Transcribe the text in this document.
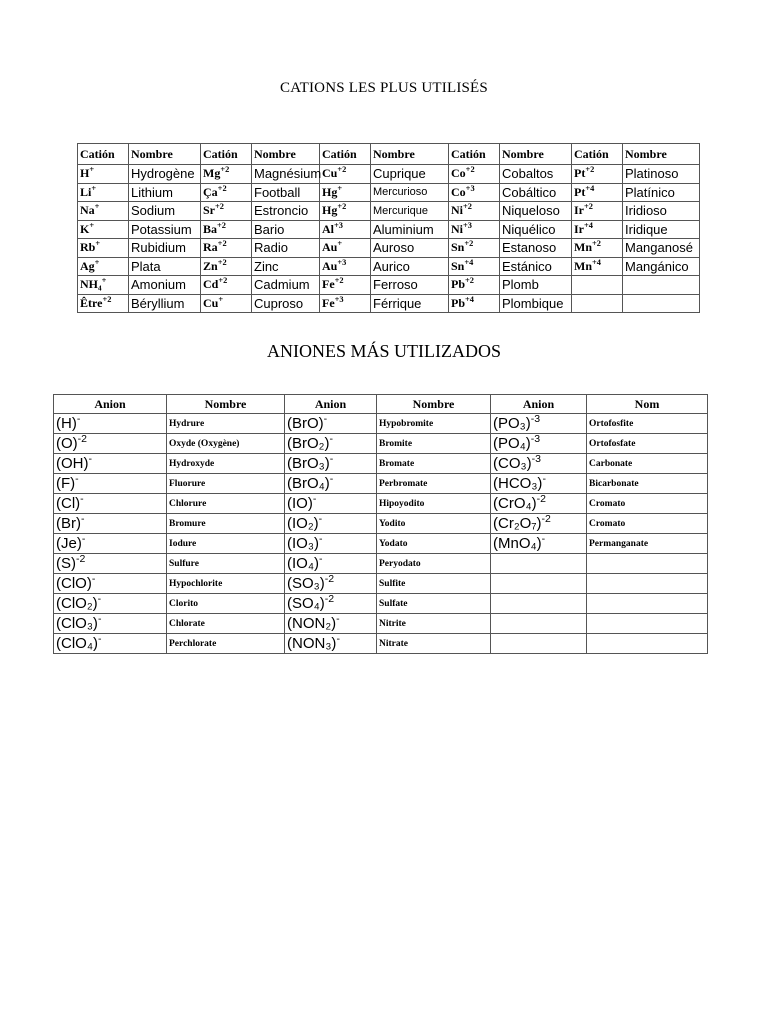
CATIONS LES PLUS UTILISÉS
Catión	Nombre	Catión	Nombre	Catión	Nombre	Catión	Nombre	Catión	Nombre
H+	Hydrogène	$Mg^{+2}$	Magnésium	$Cu^{+2}$	Cuprique	$Co^{+2}$	Cobaltos	$Pt^{+2}$	Platinoso
Li+	Lithium	$Ça^{+2}$	Football	Hg+	Mercurioso	$Co^{+3}$	Cobáltico	$Pt^{+4}$	Platínico
Na+	Sodium	$Sr^{+2}$	Estroncio	$Hg^{+2}$	Mercurique	$Ni^{+2}$	Niqueloso	$Ir^{+2}$	Iridioso
K+	Potassium	$Ba^{+2}$	Bario	$Al^{+3}$	Aluminium	$Ni^{+3}$	Niquélico	$Ir^{+4}$	Iridique
Rb+	Rubidium	$Ra^{+2}$	Radio	Au+	Auroso	$Sn^{+2}$	Estanoso	$Mn^{+2}$	Manganosé
Ag+	Plata	$Zn^{+2}$	Zinc	$Au^{+3}$	Aurico	$Sn^{+4}$	Estánico	$Mn^{+4}$	Mangánico
NH₄+	Amonium	$Cd^{+2}$	Cadmium	$Fe^{+2}$	Ferroso	$Pb^{+2}$	Plomb		
Être$^{+2}$	Béryllium	Cu+	Cuproso	$Fe^{+3}$	Férrique	$Pb^{+4}$	Plombique		
ANIONES MÁS UTILIZADOS
Anion	Nombre	Anion	Nombre	Anion	Nom
(H)-	Hydrure	(BrO)-	Hypobromite	$(PO_3)^{-3}$	Ortofosfite
$(O)^{-2}$	Oxyde (Oxygène)	(BrO₂)-	Bromite	$(PO_4)^{-3}$	Ortofosfate
(OH)-	Hydroxyde	(BrO₃)-	Bromate	$(CO_3)^{-3}$	Carbonate
(F)-	Fluorure	(BrO₄)-	Perbromate	(HCO₃)-	Bicarbonate
(Cl)-	Chlorure	(IO)-	Hipoyodito	$(CrO_4)^{-2}$	Cromato
(Br)-	Bromure	(IO₂)-	Yodito	$(Cr_2O_7)^{-2}$	Cromato
(Je)-	Iodure	(IO₃)-	Yodato	(MnO₄)-	Permanganate
$(S)^{-2}$	Sulfure	(IO₄)-	Peryodato		
(ClO)-	Hypochlorite	$(SO_3)^{-2}$	Sulfite		
(ClO₂)-	Clorito	$(SO_4)^{-2}$	Sulfate		
(ClO₃)-	Chlorate	(NON₂)-	Nitrite		
(ClO₄)-	Perchlorate	(NON₃)-	Nitrate		
